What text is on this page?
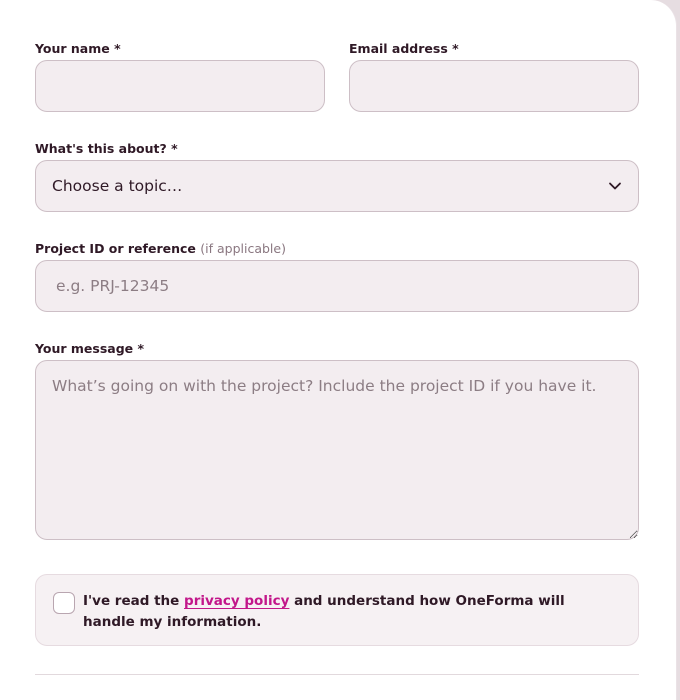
Your name *	Email address *
What's this about? *
Choose a topic…
Project ID or reference (if applicable)
e.g. PRJ-12345
Your message *
What’s going on with the project? Include the project ID if you have it.
I've read the privacy policy and understand how OneForma will handle my information.
